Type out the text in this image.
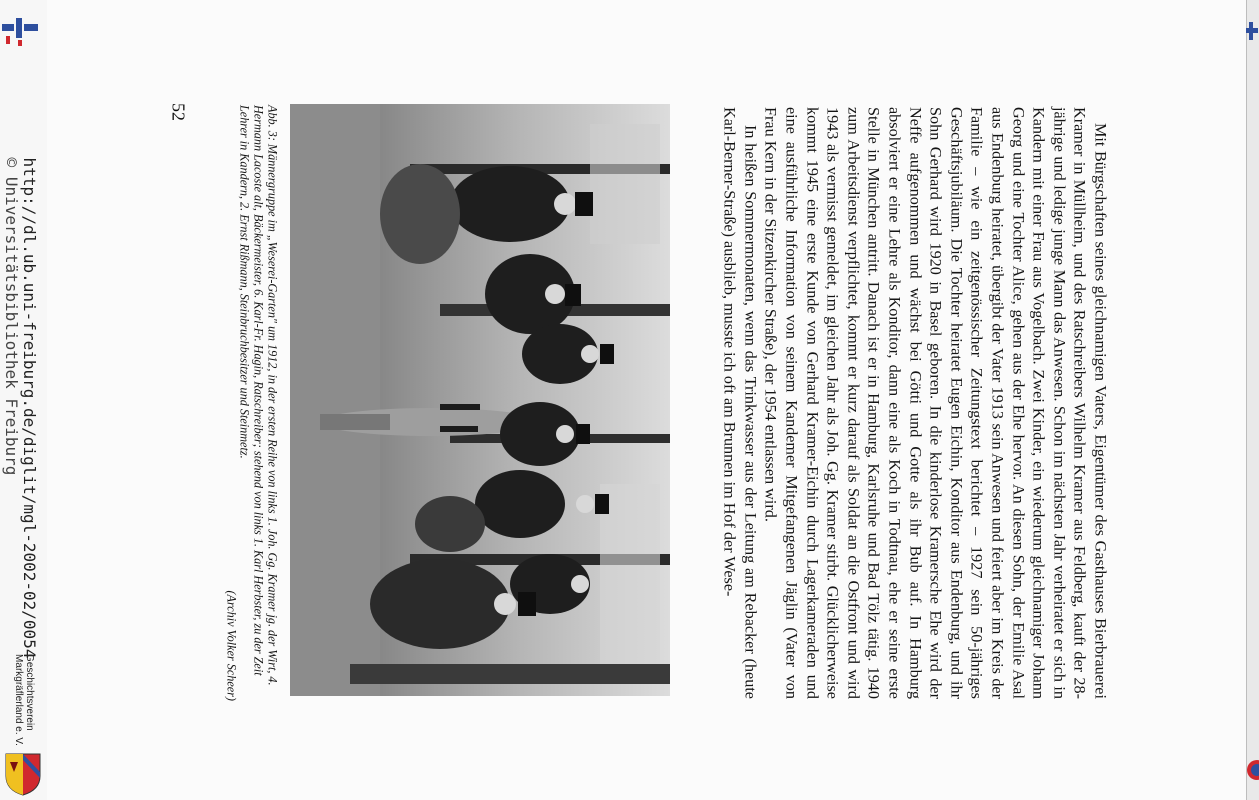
http://dl.ub.uni-freiburg.de/diglit/mgl-2002-02/0054
© Universitätsbibliothek Freiburg
Geschichtsverein
Markgräflerland e. V.
52

Mit Bürgschaften seines gleichnamigen Vaters, Eigentümer des Gasthauses Bierbrauerei Kramer in Müllheim, und des Ratschreibers Wilhelm Kramer aus Feldberg, kauft der 28-jährige und ledige junge Mann das Anwesen. Schon im nächsten Jahr verheiratet er sich in Kandern mit einer Frau aus Vogelbach. Zwei Kinder, ein wiederum gleichnamiger Johann Georg und eine Tochter Alice, gehen aus der Ehe hervor. An diesen Sohn, der Emilie Asal aus Endenburg heiratet, übergibt der Vater 1913 sein Anwesen und feiert aber im Kreis der Familie – wie ein zeitgenössischer Zeitungstext berichtet – 1927 sein 50-jähriges Geschäftsjubiläum. Die Tochter heiratet Eugen Eichin, Konditor aus Endenburg, und ihr Sohn Gerhard wird 1920 in Basel geboren. In die kinderlose Kramersche Ehe wird der Neffe aufgenommen und wächst bei Götti und Gotte als ihr Bub auf. In Hamburg absolviert er eine Lehre als Konditor, dann eine als Koch in Todtnau, ehe er seine erste Stelle in München antritt. Danach ist er in Hamburg, Karlsruhe und Bad Tölz tätig. 1940 zum Arbeitsdienst verpflichtet, kommt er kurz darauf als Soldat an die Ostfront und wird 1943 als vermisst gemeldet, im gleichen Jahr als Joh. Gg. Kramer stirbt. Glücklicherweise kommt 1945 eine erste Kunde von Gerhard Kramer-Eichin durch Lagerkameraden und eine ausführliche Information von seinem Kandemer Mitgefangenen Jäglin (Vater von Frau Kern in der Sitzenkircher Straße), der 1954 entlassen wird.

In heißen Sommermonaten, wenn das Trinkwasser aus der Leitung am Rebacker (heute Karl-Berner-Straße) ausblieb, musste ich oft am Brunnen im Hof der Wese-

Abb. 3: Männergruppe im „Weserei-Garten" um 1912, in der ersten Reihe von links 1. Joh. Gg. Kramer jg. der Wirt, 4. Hermann Lacoste alt, Bäckermeister, 6. Karl-Fr. Hagin, Ratschreiber; stehend von links 1. Karl Herbster, zu der Zeit Lehrer in Kandern, 2. Ernst Rißmann, Steinbruchbesitzer und Steinmetz.
(Archiv Volker Scheer)
